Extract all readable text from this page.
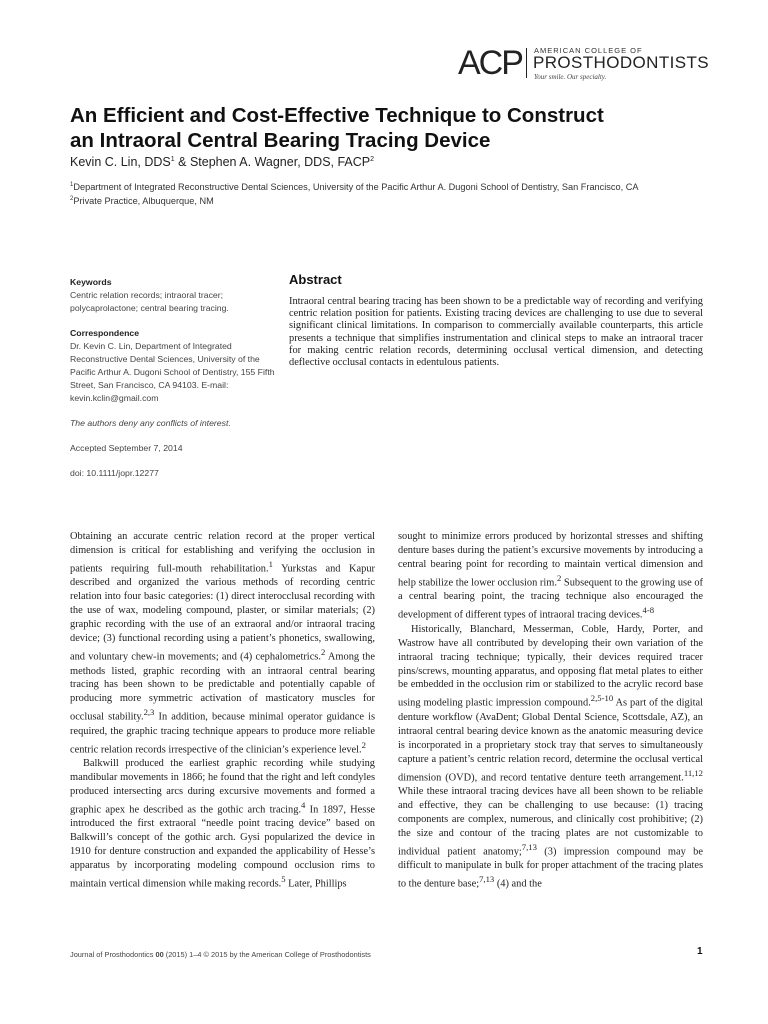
ACP AMERICAN COLLEGE OF
PROSTHODONTISTS
Your smile. Our specialty.
An Efficient and Cost-Effective Technique to Construct
an Intraoral Central Bearing Tracing Device
Kevin C. Lin, DDS$^1$ & Stephen A. Wagner, DDS, FACP$^2$
$^1$Department of Integrated Reconstructive Dental Sciences, University of the Pacific Arthur A. Dugoni School of Dentistry, San Francisco, CA
$^2$Private Practice, Albuquerque, NM
Keywords
Centric relation records; intraoral tracer; polycaprolactone; central bearing tracing.
Correspondence
Dr. Kevin C. Lin, Department of Integrated Reconstructive Dental Sciences, University of the Pacific Arthur A. Dugoni School of Dentistry, 155 Fifth Street, San Francisco, CA 94103. E-mail: kevin.kclin@gmail.com
The authors deny any conflicts of interest.
Accepted September 7, 2014
doi: 10.1111/jopr.12277
Abstract
Intraoral central bearing tracing has been shown to be a predictable way of recording and verifying centric relation position for patients. Existing tracing devices are challenging to use due to several significant clinical limitations. In comparison to commercially available counterparts, this article presents a technique that simplifies instrumentation and clinical steps to make an intraoral tracer for making centric relation records, determining occlusal vertical dimension, and detecting deflective occlusal contacts in edentulous patients.

Obtaining an accurate centric relation record at the proper vertical dimension is critical for establishing and verifying the occlusion in patients requiring full-mouth rehabilitation.$^1$ Yurkstas and Kapur described and organized the various methods of recording centric relation into four basic categories: (1) direct interocclusal recording with the use of wax, modeling compound, plaster, or similar materials; (2) graphic recording with the use of an extraoral and/or intraoral tracing device; (3) functional recording using a patient’s phonetics, swallowing, and voluntary chew-in movements; and (4) cephalometrics.$^2$ Among the methods listed, graphic recording with an intraoral central bearing tracing has been shown to be predictable and potentially capable of producing more symmetric activation of masticatory muscles for occlusal stability.$^{2,3}$ In addition, because minimal operator guidance is required, the graphic tracing technique appears to produce more reliable centric relation records irrespective of the clinician’s experience level.$^2$

Balkwill produced the earliest graphic recording while studying mandibular movements in 1866; he found that the right and left condyles produced intersecting arcs during excursive movements and formed a graphic apex he described as the gothic arch tracing.$^4$ In 1897, Hesse introduced the first extraoral “needle point tracing device” based on Balkwill’s concept of the gothic arch. Gysi popularized the device in 1910 for denture construction and expanded the applicability of Hesse’s apparatus by incorporating modeling compound occlusion rims to maintain vertical dimension while making records.$^5$ Later, Phillips

sought to minimize errors produced by horizontal stresses and shifting denture bases during the patient’s excursive movements by introducing a central bearing point for recording to maintain vertical dimension and help stabilize the lower occlusion rim.$^2$ Subsequent to the growing use of a central bearing point, the tracing technique also encouraged the development of different types of intraoral tracing devices.$^{4-8}$

Historically, Blanchard, Messerman, Coble, Hardy, Porter, and Wastrow have all contributed by developing their own variation of the intraoral tracing technique; typically, their devices required tracer pins/screws, mounting apparatus, and opposing flat metal plates to either be embedded in the occlusion rim or stabilized to the acrylic record base using modeling plastic impression compound.$^{2,5-10}$ As part of the digital denture workflow (AvaDent; Global Dental Science, Scottsdale, AZ), an intraoral central bearing device known as the anatomic measuring device is incorporated in a proprietary stock tray that serves to simultaneously capture a patient’s centric relation record, determine the occlusal vertical dimension (OVD), and record tentative denture teeth arrangement.$^{11,12}$ While these intraoral tracing devices have all been shown to be reliable and effective, they can be challenging to use because: (1) tracing components are complex, numerous, and clinically cost prohibitive; (2) the size and contour of the tracing plates are not customizable to individual patient anatomy;$^{7,13}$ (3) impression compound may be difficult to manipulate in bulk for proper attachment of the tracing plates to the denture base;$^{7,13}$ (4) and the

Journal of Prosthodontics 00 (2015) 1–4 © 2015 by the American College of Prosthodontists	1
